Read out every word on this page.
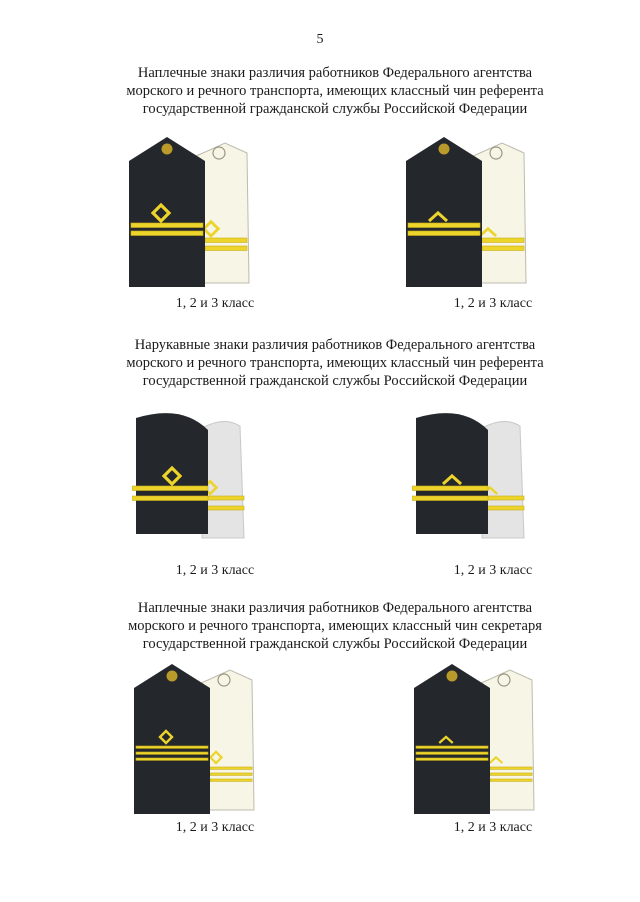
5
Наплечные знаки различия работников Федерального агентства
морского и речного транспорта, имеющих классный чин референта
государственной гражданской службы Российской Федерации
1, 2 и 3 класс	1, 2 и 3 класс
Нарукавные знаки различия работников Федерального агентства
морского и речного транспорта, имеющих классный чин референта
государственной гражданской службы Российской Федерации
1, 2 и 3 класс	1, 2 и 3 класс
Наплечные знаки различия работников Федерального агентства
морского и речного транспорта, имеющих классный чин секретаря
государственной гражданской службы Российской Федерации
1, 2 и 3 класс	1, 2 и 3 класс
